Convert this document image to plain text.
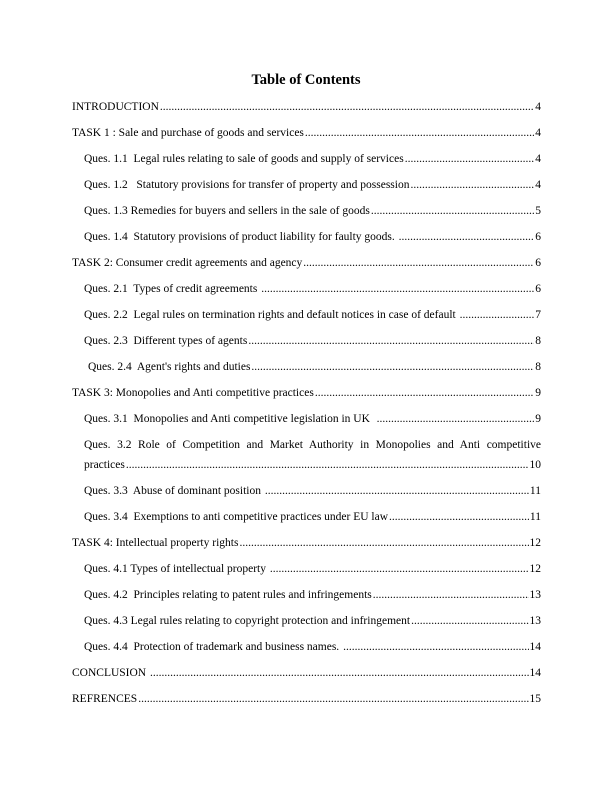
Table of Contents
INTRODUCTION .....	4
TASK 1 : Sale and purchase of goods and services .....	4
Ques. 1.1  Legal rules relating to sale of goods and supply of services .....	4
Ques. 1.2   Statutory provisions for transfer of property and possession .....	4
Ques. 1.3 Remedies for buyers and sellers in the sale of goods .....	5
Ques. 1.4  Statutory provisions of product liability for faulty goods. .....	6
TASK 2: Consumer credit agreements and agency .....	6
Ques. 2.1  Types of credit agreements .....	6
Ques. 2.2  Legal rules on termination rights and default notices in case of default .....	7
Ques. 2.3  Different types of agents .....	8
Ques. 2.4  Agent's rights and duties .....	8
TASK 3: Monopolies and Anti competitive practices .....	9
Ques. 3.1  Monopolies and Anti competitive legislation in UK .....	9
Ques. 3.2 Role of Competition and Market Authority in Monopolies and Anti competitive
practices .....	10
Ques. 3.3  Abuse of dominant position .....	11
Ques. 3.4  Exemptions to anti competitive practices under EU law .....	11
TASK 4: Intellectual property rights .....	12
Ques. 4.1 Types of intellectual property .....	12
Ques. 4.2  Principles relating to patent rules and infringements .....	13
Ques. 4.3 Legal rules relating to copyright protection and infringement .....	13
Ques. 4.4  Protection of trademark and business names. .....	14
CONCLUSION .....	14
REFRENCES .....	15
